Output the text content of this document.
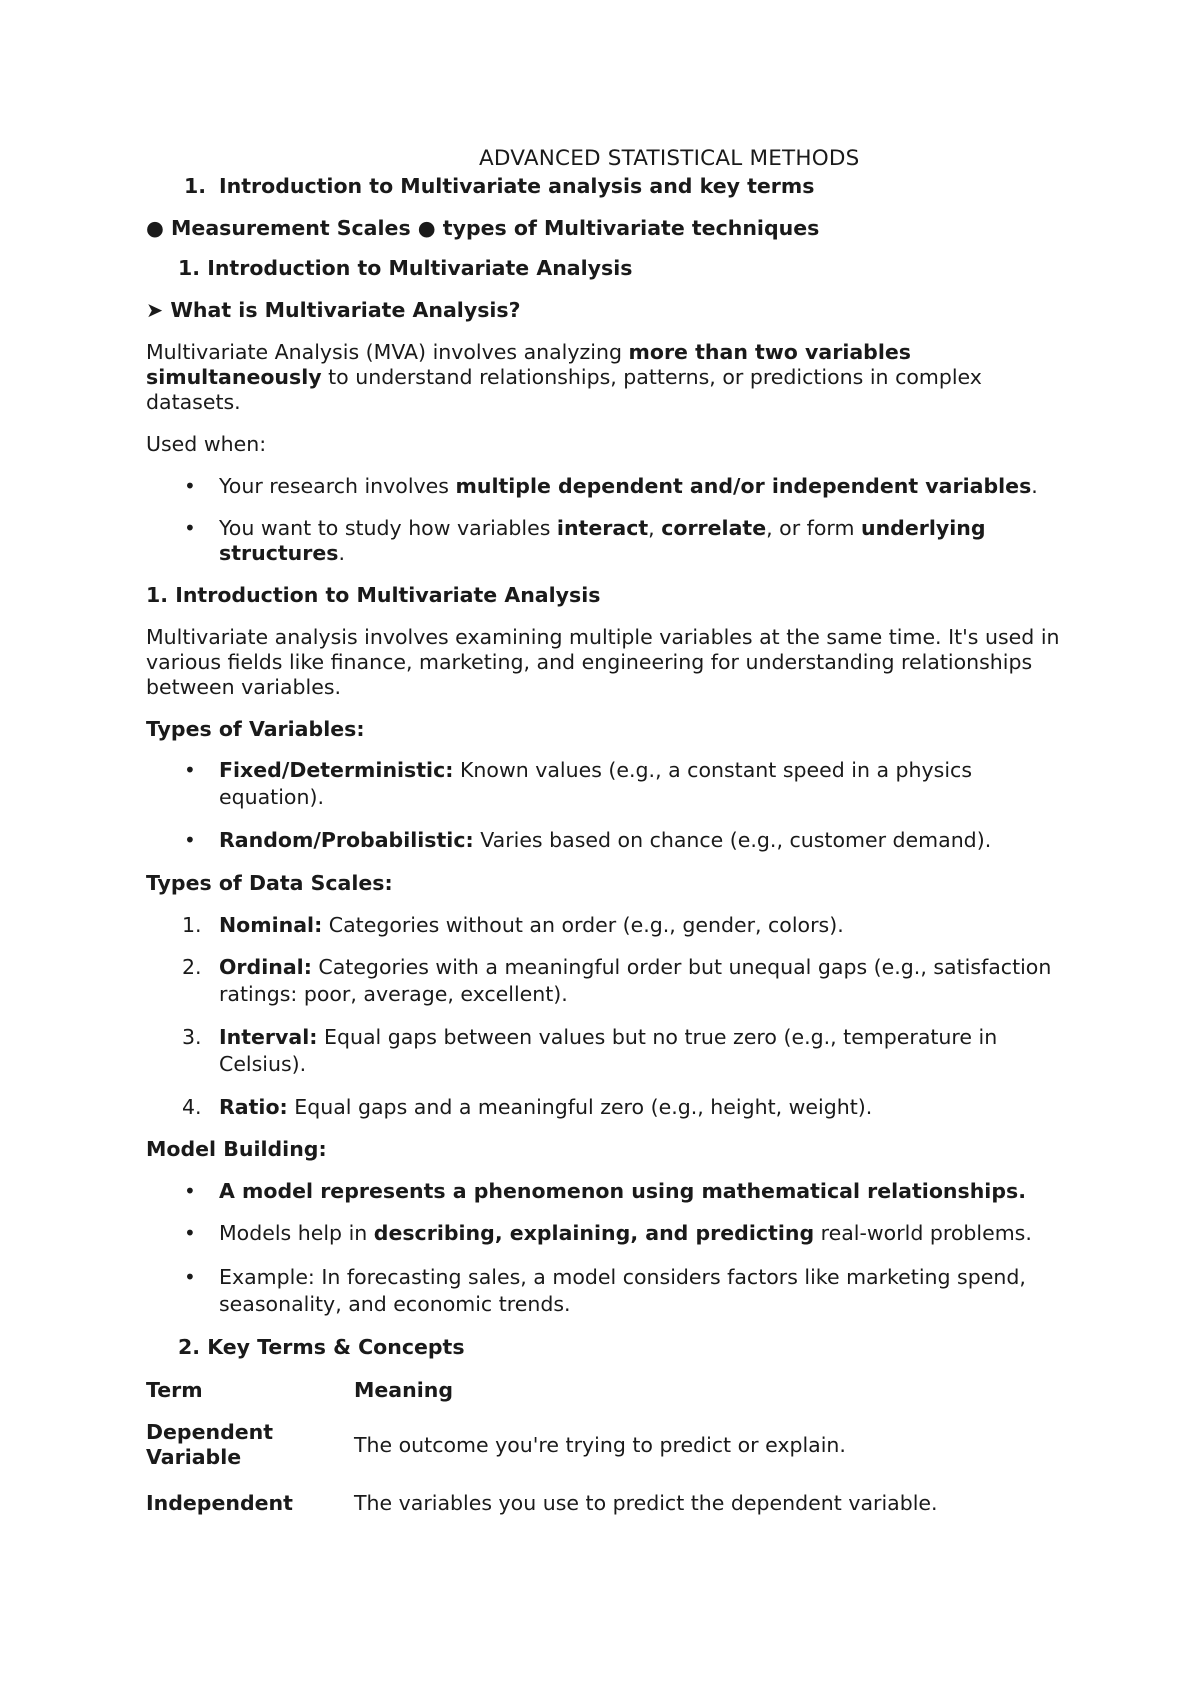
ADVANCED STATISTICAL METHODS
1. Introduction to Multivariate analysis and key terms
● Measurement Scales ● types of Multivariate techniques
1. Introduction to Multivariate Analysis
➤ What is Multivariate Analysis?
Multivariate Analysis (MVA) involves analyzing more than two variables
simultaneously to understand relationships, patterns, or predictions in complex
datasets.
Used when:
• Your research involves multiple dependent and/or independent variables.
• You want to study how variables interact, correlate, or form underlying
structures.
1. Introduction to Multivariate Analysis
Multivariate analysis involves examining multiple variables at the same time. It's used in
various fields like finance, marketing, and engineering for understanding relationships
between variables.
Types of Variables:
• Fixed/Deterministic: Known values (e.g., a constant speed in a physics
equation).
• Random/Probabilistic: Varies based on chance (e.g., customer demand).
Types of Data Scales:
1. Nominal: Categories without an order (e.g., gender, colors).
2. Ordinal: Categories with a meaningful order but unequal gaps (e.g., satisfaction
ratings: poor, average, excellent).
3. Interval: Equal gaps between values but no true zero (e.g., temperature in
Celsius).
4. Ratio: Equal gaps and a meaningful zero (e.g., height, weight).
Model Building:
• A model represents a phenomenon using mathematical relationships.
• Models help in describing, explaining, and predicting real-world problems.
• Example: In forecasting sales, a model considers factors like marketing spend,
seasonality, and economic trends.
2. Key Terms & Concepts
Term	Meaning
Dependent
Variable	The outcome you're trying to predict or explain.
Independent	The variables you use to predict the dependent variable.
